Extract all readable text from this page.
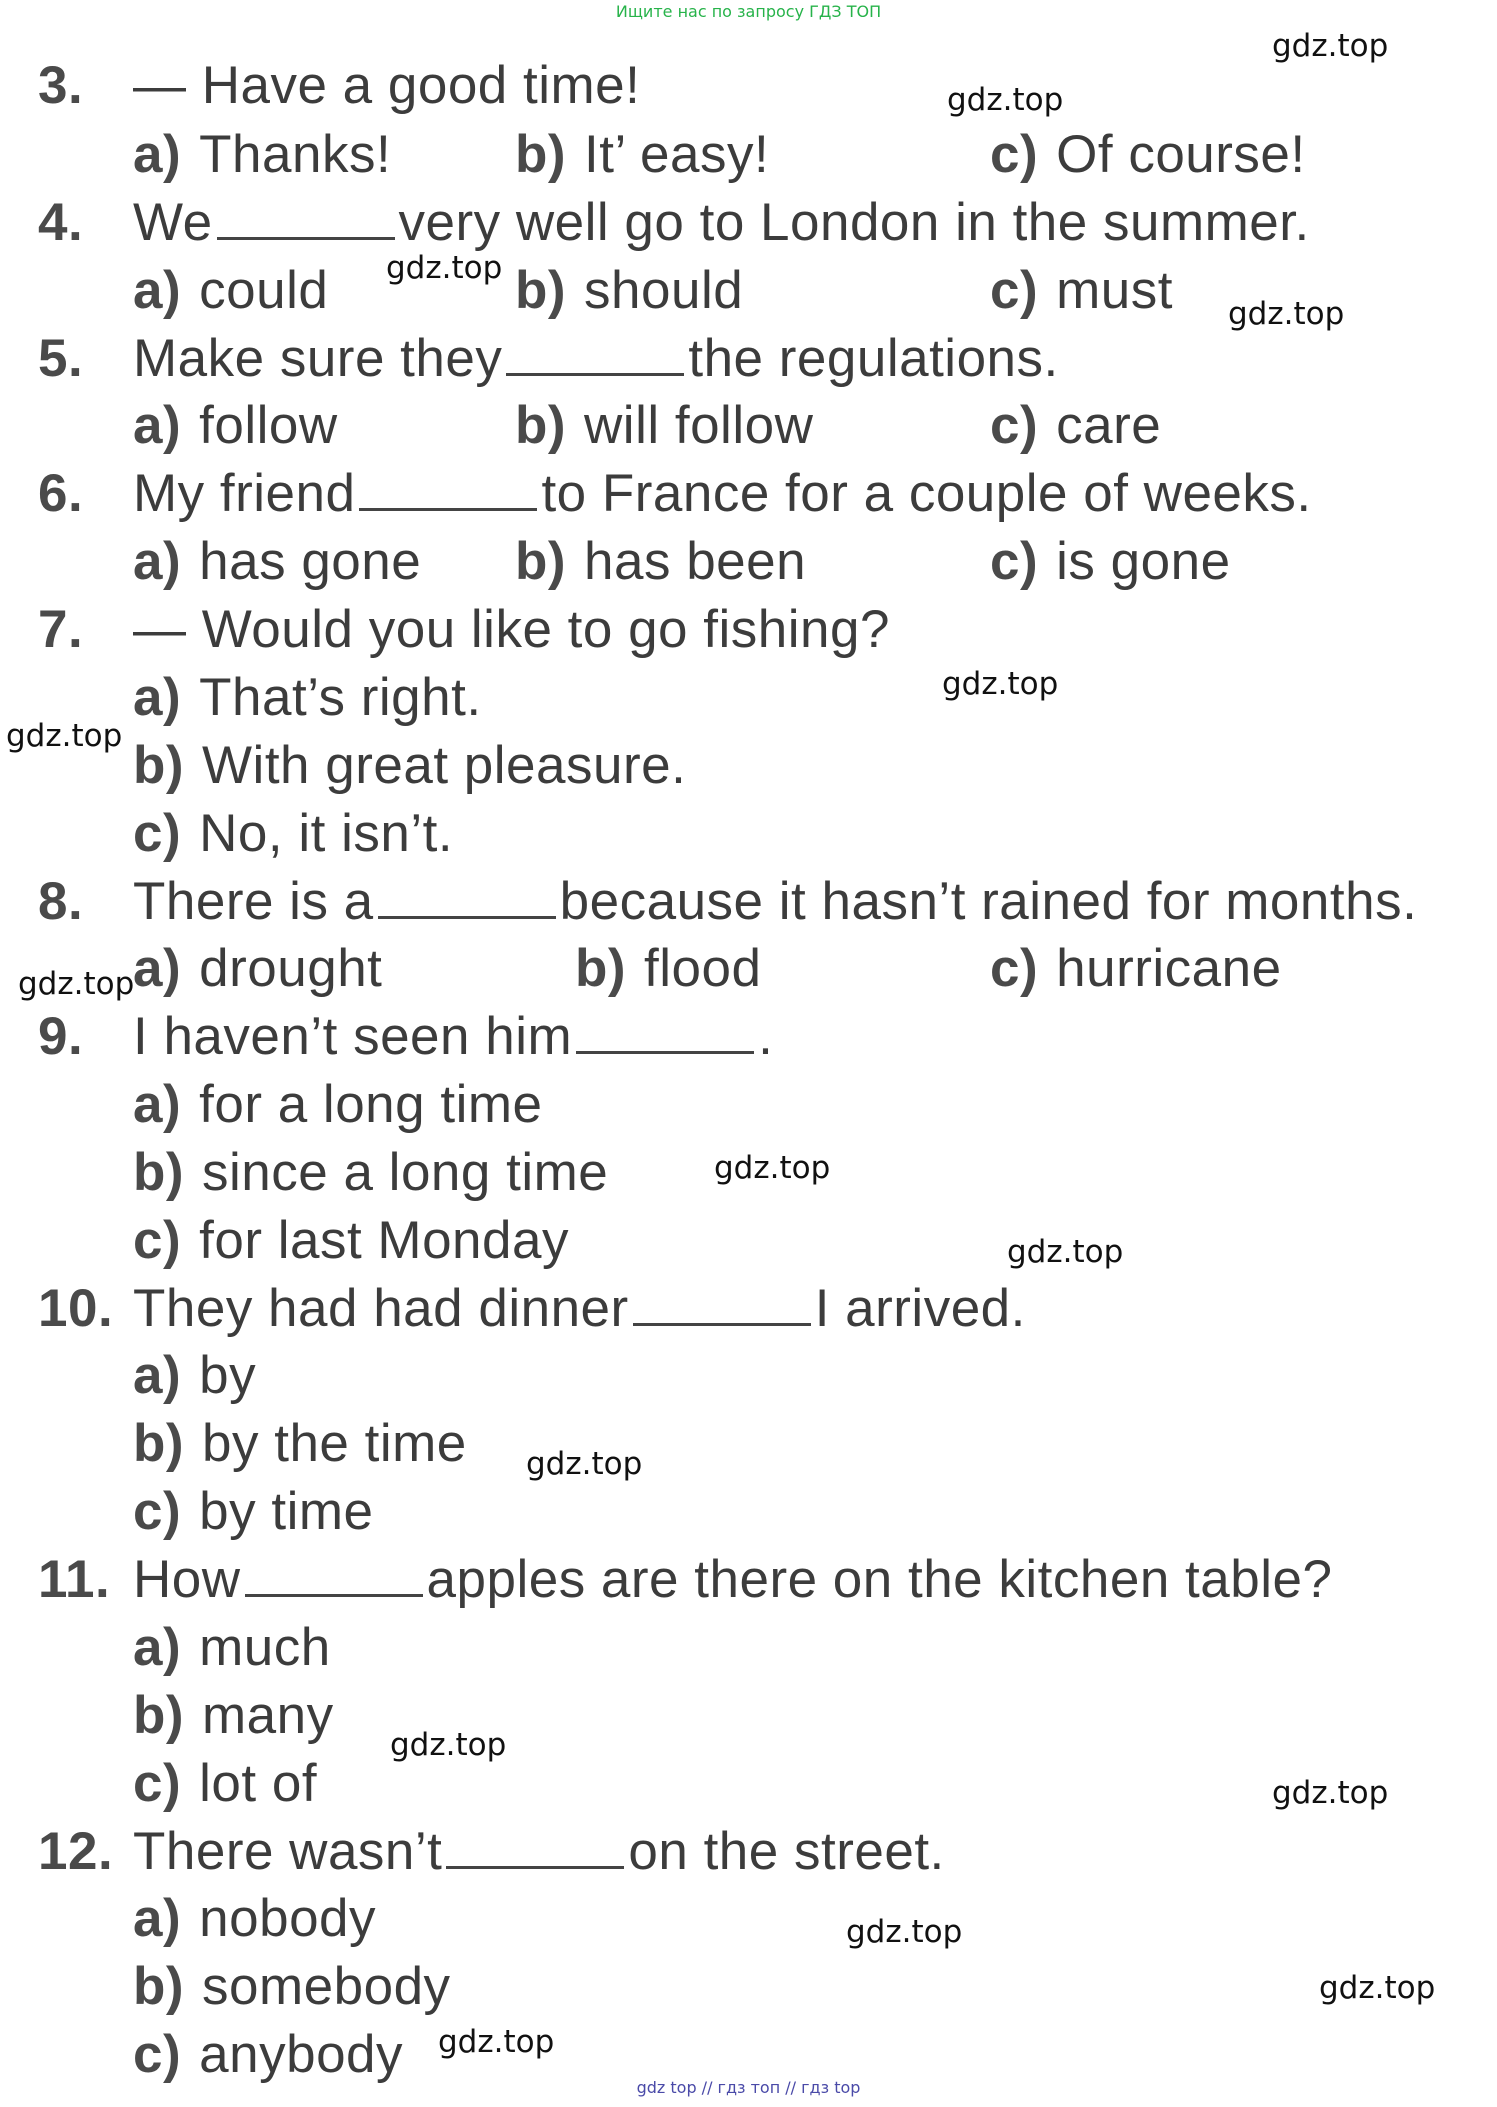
Ищите нас по запросу ГДЗ ТОП
3. — Have a good time!
a) Thanks! b) It’ easy!	c) Of course!
4. We	very well go to London in the summer.
a) could	b) should	c) must
5. Make sure they	the regulations.
a) follow	b) will follow	c) care
6. My friend	to France for a couple of weeks.
a) has gone b) has been	c) is gone
7. — Would you like to go fishing?
a) That’s right.
b) With great pleasure.
c) No, it isn’t.
8. There is a	because it hasn’t rained for months.
a) drought	b) flood	c) hurricane
9. I haven’t seen him	.
a) for a long time
b) since a long time
c) for last Monday
10. They had had dinner	I arrived.
a) by
b) by the time
c) by time
11. How	apples are there on the kitchen table?
a) much
b) many
c) lot of
12. There wasn’t	on the street.
a) nobody
b) somebody
c) anybody
gdz.top
gdz.top
gdz.top
gdz.top
gdz.top
gdz.top
gdz.top
gdz.top
gdz.top
gdz.top
gdz.top
gdz.top
gdz.top
gdz.top
gdz.top
gdz top // гдз топ // гдз top
